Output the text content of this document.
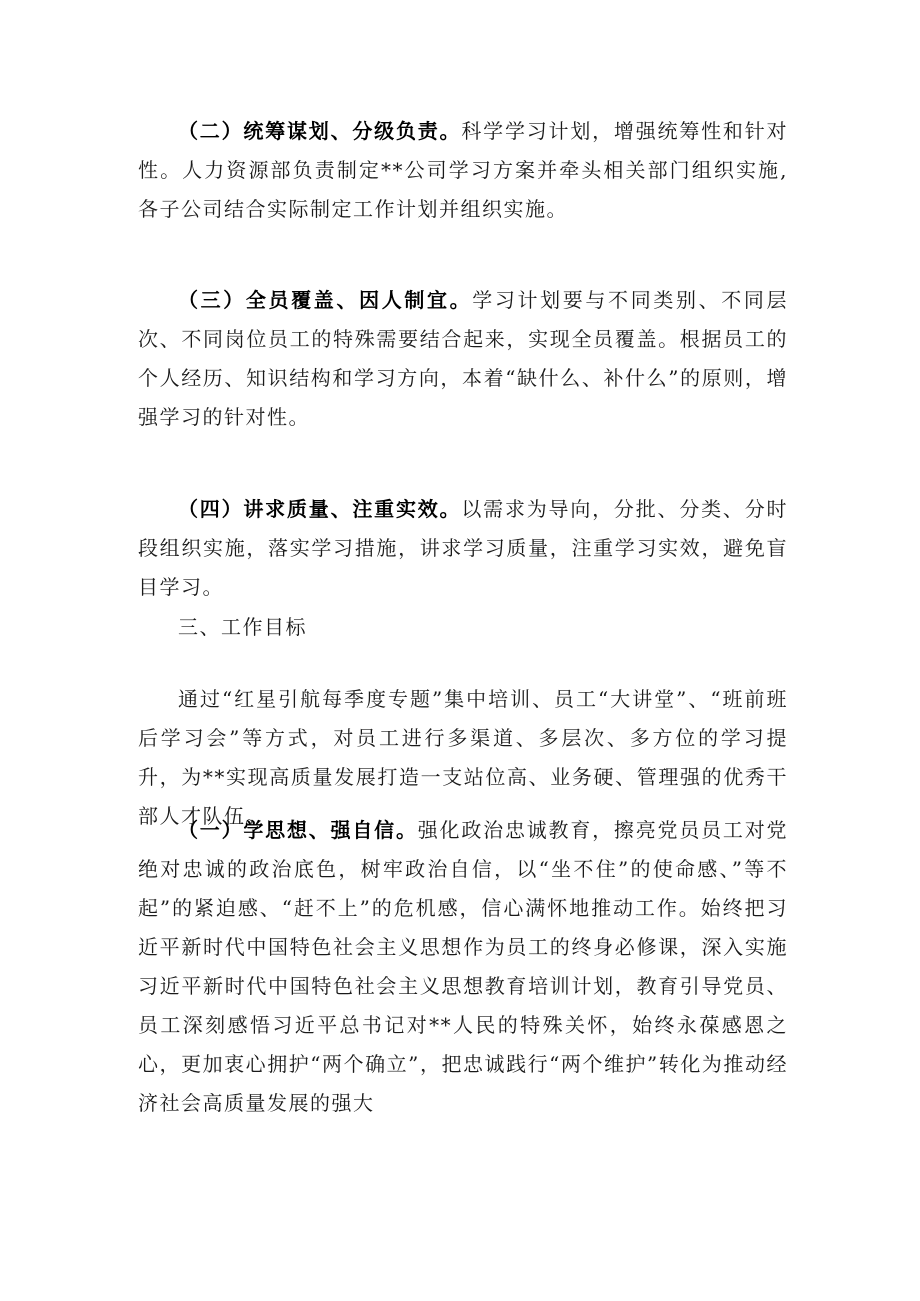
（二）统筹谋划、分级负责。科学学习计划，增强统筹性和针对性。人力资源部负责制定**公司学习方案并牵头相关部门组织实施,各子公司结合实际制定工作计划并组织实施。

（三）全员覆盖、因人制宜。学习计划要与不同类别、不同层次、不同岗位员工的特殊需要结合起来，实现全员覆盖。根据员工的个人经历、知识结构和学习方向，本着“缺什么、补什么”的原则，增强学习的针对性。

（四）讲求质量、注重实效。以需求为导向，分批、分类、分时段组织实施，落实学习措施，讲求学习质量，注重学习实效，避免盲目学习。

三、工作目标

通过“红星引航每季度专题”集中培训、员工“大讲堂”、“班前班后学习会”等方式，对员工进行多渠道、多层次、多方位的学习提升，为**实现高质量发展打造一支站位高、业务硬、管理强的优秀干部人才队伍。

（一）学思想、强自信。强化政治忠诚教育，擦亮党员员工对党绝对忠诚的政治底色，树牢政治自信，以“坐不住”的使命感、”等不起”的紧迫感、“赶不上”的危机感，信心满怀地推动工作。始终把习近平新时代中国特色社会主义思想作为员工的终身必修课，深入实施习近平新时代中国特色社会主义思想教育培训计划，教育引导党员、员工深刻感悟习近平总书记对**人民的特殊关怀，始终永葆感恩之心，更加衷心拥护“两个确立”，把忠诚践行“两个维护”转化为推动经济社会高质量发展的强大
